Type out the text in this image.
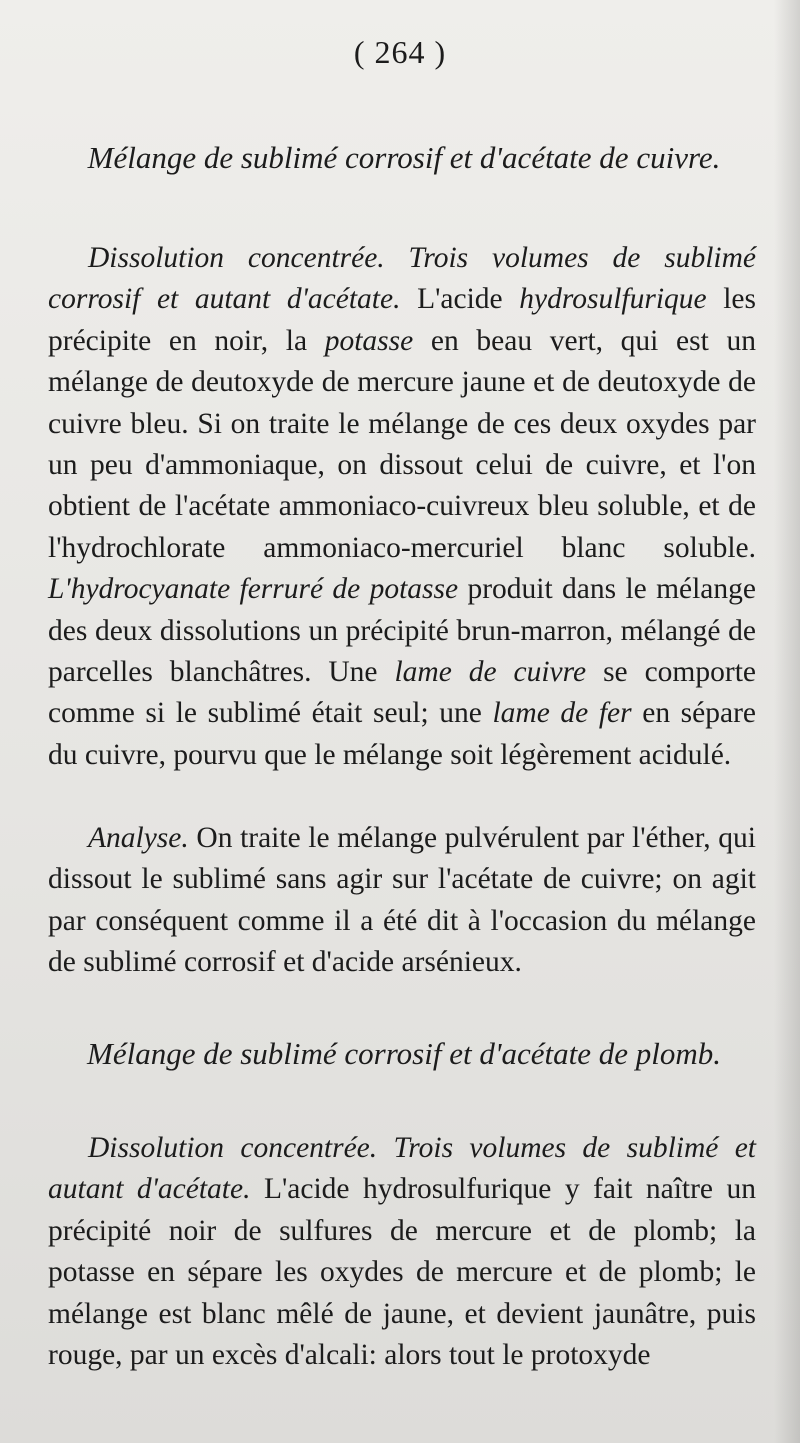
( 264 )
Mélange de sublimé corrosif et d'acétate de cuivre.

Dissolution concentrée. Trois volumes de sublimé corrosif et autant d'acétate. L'acide hydrosulfurique les précipite en noir, la potasse en beau vert, qui est un mélange de deutoxyde de mercure jaune et de deutoxyde de cuivre bleu. Si on traite le mélange de ces deux oxydes par un peu d'ammoniaque, on dissout celui de cuivre, et l'on obtient de l'acétate ammoniaco-cuivreux bleu soluble, et de l'hydrochlorate ammoniaco-mercuriel blanc soluble. L'hydrocyanate ferruré de potasse produit dans le mélange des deux dissolutions un précipité brun-marron, mélangé de parcelles blanchâtres. Une lame de cuivre se comporte comme si le sublimé était seul; une lame de fer en sépare du cuivre, pourvu que le mélange soit légèrement acidulé.

Analyse. On traite le mélange pulvérulent par l'éther, qui dissout le sublimé sans agir sur l'acétate de cuivre; on agit par conséquent comme il a été dit à l'occasion du mélange de sublimé corrosif et d'acide arsénieux.

Mélange de sublimé corrosif et d'acétate de plomb.

Dissolution concentrée. Trois volumes de sublimé et autant d'acétate. L'acide hydrosulfurique y fait naître un précipité noir de sulfures de mercure et de plomb; la potasse en sépare les oxydes de mercure et de plomb; le mélange est blanc mêlé de jaune, et devient jaunâtre, puis rouge, par un excès d'alcali: alors tout le protoxyde
